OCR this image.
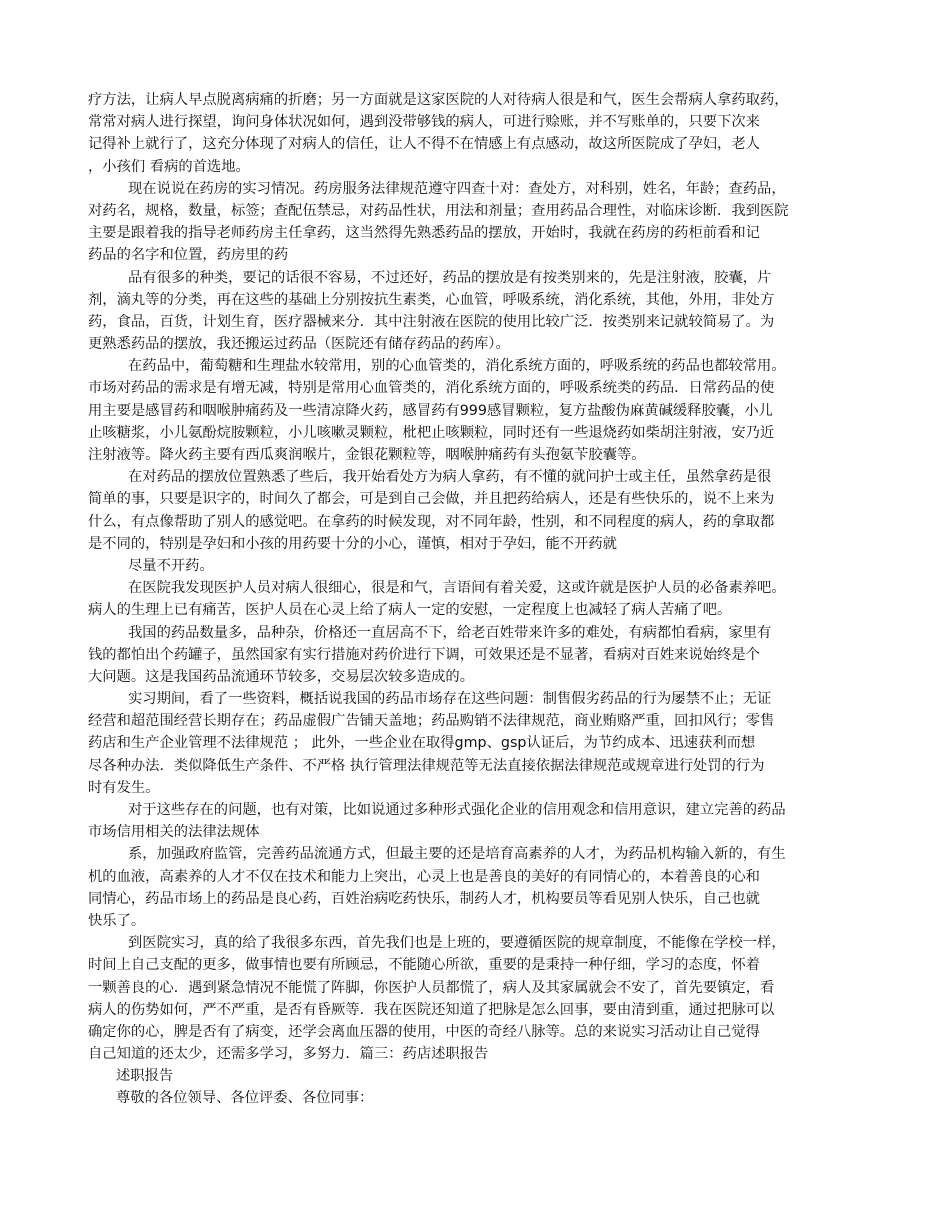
疗方法，让病人早点脱离病痛的折磨；另一方面就是这家医院的人对待病人很是和气，医生会帮病人拿药取药，
常常对病人进行探望，询问身体状况如何，遇到没带够钱的病人，可进行赊账，并不写账单的，只要下次来
记得补上就行了，这充分体现了对病人的信任，让人不得不在情感上有点感动，故这所医院成了孕妇，老人
，小孩们 看病的首选地。
现在说说在药房的实习情况。药房服务法律规范遵守四查十对：查处方，对科别，姓名，年龄；查药品，
对药名，规格，数量，标签；查配伍禁忌，对药品性状，用法和剂量；查用药品合理性，对临床诊断．我到医院
主要是跟着我的指导老师药房主任拿药，这当然得先熟悉药品的摆放，开始时，我就在药房的药柜前看和记
药品的名字和位置，药房里的药
品有很多的种类，要记的话很不容易，不过还好，药品的摆放是有按类别来的，先是注射液，胶囊，片
剂，滴丸等的分类，再在这些的基础上分别按抗生素类，心血管，呼吸系统，消化系统，其他，外用，非处方
药，食品，百货，计划生育，医疗器械来分．其中注射液在医院的使用比较广泛．按类别来记就较简易了。为
更熟悉药品的摆放，我还搬运过药品（医院还有储存药品的药库）。
在药品中，葡萄糖和生理盐水较常用，别的心血管类的，消化系统方面的，呼吸系统的药品也都较常用。
市场对药品的需求是有增无减，特别是常用心血管类的，消化系统方面的，呼吸系统类的药品．日常药品的使
用主要是感冒药和咽喉肿痛药及一些清凉降火药，感冒药有999感冒颗粒，复方盐酸伪麻黄碱缓释胶囊，小儿
止咳糖浆，小儿氨酚烷胺颗粒，小儿咳嗽灵颗粒，枇杷止咳颗粒，同时还有一些退烧药如柴胡注射液，安乃近
注射液等。降火药主要有西瓜爽润喉片，金银花颗粒等，咽喉肿痛药有头孢氨苄胶囊等。
在对药品的摆放位置熟悉了些后，我开始看处方为病人拿药，有不懂的就问护士或主任，虽然拿药是很
简单的事，只要是识字的，时间久了都会，可是到自己会做，并且把药给病人，还是有些快乐的，说不上来为
什么，有点像帮助了别人的感觉吧。在拿药的时候发现，对不同年龄，性别，和不同程度的病人，药的拿取都
是不同的，特别是孕妇和小孩的用药要十分的小心，谨慎，相对于孕妇，能不开药就
尽量不开药。
在医院我发现医护人员对病人很细心，很是和气，言语间有着关爱，这或许就是医护人员的必备素养吧。
病人的生理上已有痛苦，医护人员在心灵上给了病人一定的安慰，一定程度上也减轻了病人苦痛了吧。
我国的药品数量多，品种杂，价格还一直居高不下，给老百姓带来许多的难处，有病都怕看病，家里有
钱的都怕出个药罐子，虽然国家有实行措施对药价进行下调，可效果还是不显著，看病对百姓来说始终是个
大问题。这是我国药品流通环节较多，交易层次较多造成的。
实习期间，看了一些资料，概括说我国的药品市场存在这些问题：制售假劣药品的行为屡禁不止；无证
经营和超范围经营长期存在；药品虚假广告铺天盖地；药品购销不法律规范，商业贿赂严重，回扣风行；零售
药店和生产企业管理不法律规范 ； 此外，一些企业在取得gmp、gsp认证后，为节约成本、迅速获利而想
尽各种办法．类似降低生产条件、不严格 执行管理法律规范等无法直接依据法律规范或规章进行处罚的行为
时有发生。
对于这些存在的问题，也有对策，比如说通过多种形式强化企业的信用观念和信用意识，建立完善的药品
市场信用相关的法律法规体
系，加强政府监管，完善药品流通方式，但最主要的还是培育高素养的人才，为药品机构输入新的，有生
机的血液，高素养的人才不仅在技术和能力上突出，心灵上也是善良的美好的有同情心的，本着善良的心和
同情心，药品市场上的药品是良心药，百姓治病吃药快乐，制药人才，机构要员等看见别人快乐，自己也就
快乐了。
到医院实习，真的给了我很多东西，首先我们也是上班的，要遵循医院的规章制度，不能像在学校一样，
时间上自己支配的更多，做事情也要有所顾忌，不能随心所欲，重要的是秉持一种仔细，学习的态度，怀着
一颗善良的心．遇到紧急情况不能慌了阵脚，你医护人员都慌了，病人及其家属就会不安了，首先要镇定，看
病人的伤势如何，严不严重，是否有昏厥等．我在医院还知道了把脉是怎么回事，要由清到重，通过把脉可以
确定你的心，脾是否有了病变，还学会离血压器的使用，中医的奇经八脉等。总的来说实习活动让自己觉得
自己知道的还太少，还需多学习，多努力．篇三：药店述职报告
述职报告
尊敬的各位领导、各位评委、各位同事：
